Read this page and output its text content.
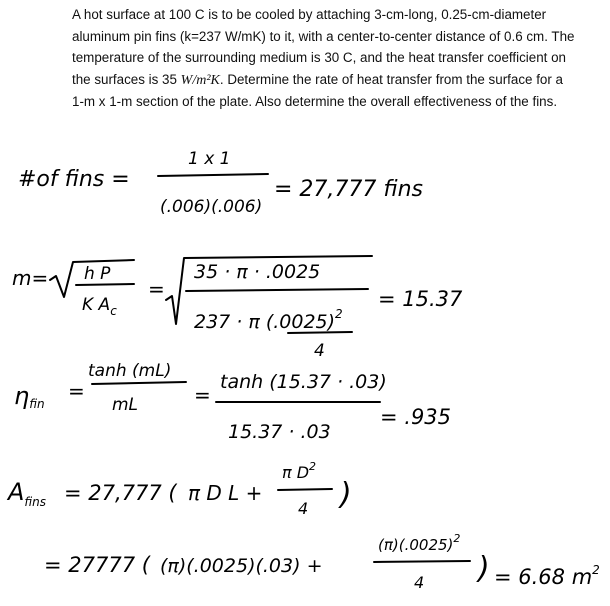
A hot surface at 100 C is to be cooled by attaching 3-cm-long, 0.25-cm-diameter aluminum pin fins (k=237 W/mK) to it, with a center-to-center distance of 0.6 cm. The temperature of the surrounding medium is 30 C, and the heat transfer coefficient on the surfaces is 35 W/m²K. Determine the rate of heat transfer from the surface for a 1-m x 1-m section of the plate. Also determine the overall effectiveness of the fins.
#of fins =
1 x 1
(.006)(.006)
= 27,777 fins
m= h P
K $A_c$
=
35 · π · .0025
237 · π $(.0025)^2$
4
= 15.37
ηfin
=
tanh (mL)
mL	=
tanh (15.37 · .03)
15.37 · .03
= .935
$A_{fins} = 27,777$ ( π D L +
π $D^2$
4 )
= 27777 ( (π)(.0025)(.03) +
$(\pi)(.0025)^2$
4 ) = 6.68 $m^2$
